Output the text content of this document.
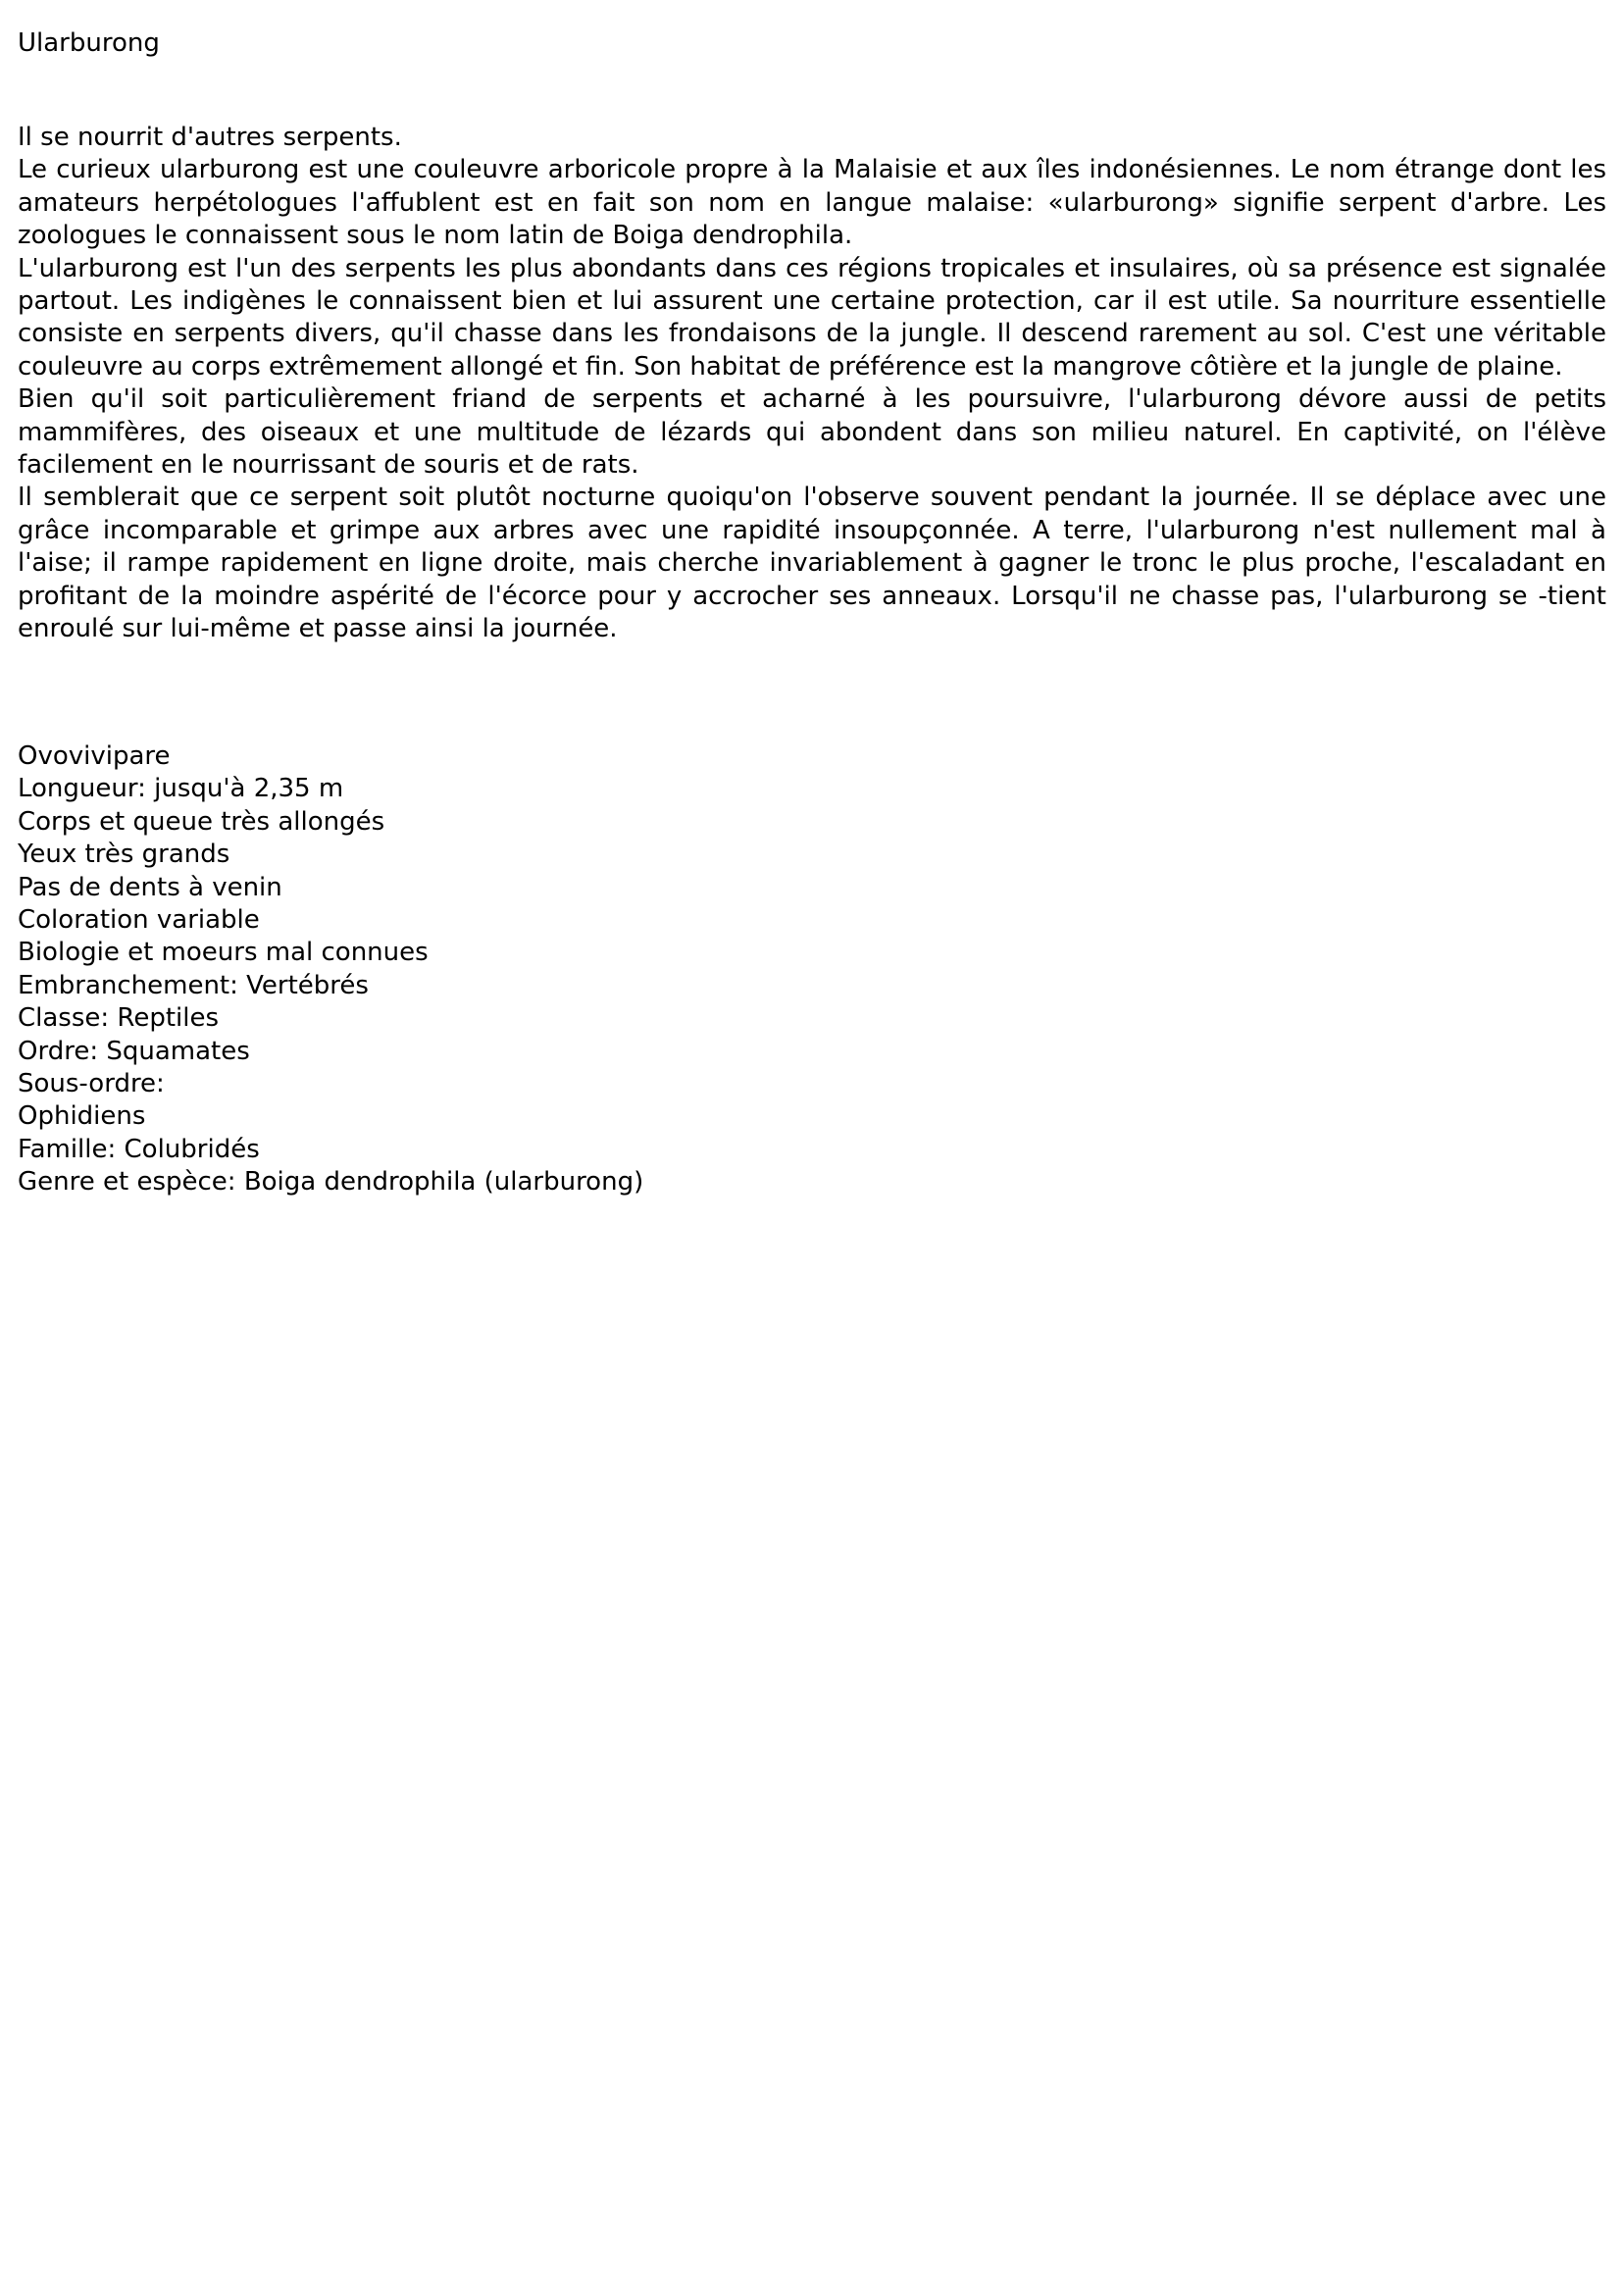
Ularburong

Il se nourrit d'autres serpents.

Le curieux ularburong est une couleuvre arboricole propre à la Malaisie et aux îles indonésiennes. Le nom étrange dont les amateurs herpétologues l'affublent est en fait son nom en langue malaise: «ularburong» signifie serpent d'arbre. Les zoologues le connaissent sous le nom latin de Boiga dendrophila.

L'ularburong est l'un des serpents les plus abondants dans ces régions tropicales et insulaires, où sa présence est signalée partout. Les indigènes le connaissent bien et lui assurent une certaine protection, car il est utile. Sa nourriture essentielle consiste en serpents divers, qu'il chasse dans les frondaisons de la jungle. Il descend rarement au sol. C'est une véritable couleuvre au corps extrêmement allongé et fin. Son habitat de préférence est la mangrove côtière et la jungle de plaine.

Bien qu'il soit particulièrement friand de serpents et acharné à les poursuivre, l'ularburong dévore aussi de petits mammifères, des oiseaux et une multitude de lézards qui abondent dans son milieu naturel. En captivité, on l'élève facilement en le nourrissant de souris et de rats.

Il semblerait que ce serpent soit plutôt nocturne quoiqu'on l'observe souvent pendant la journée. Il se déplace avec une grâce incomparable et grimpe aux arbres avec une rapidité insoupçonnée. A terre, l'ularburong n'est nullement mal à l'aise; il rampe rapidement en ligne droite, mais cherche invariablement à gagner le tronc le plus proche, l'escaladant en profitant de la moindre aspérité de l'écorce pour y accrocher ses anneaux. Lorsqu'il ne chasse pas, l'ularburong se -tient enroulé sur lui-même et passe ainsi la journée.

Ovovivipare
Longueur: jusqu'à 2,35 m
Corps et queue très allongés
Yeux très grands
Pas de dents à venin
Coloration variable
Biologie et moeurs mal connues
Embranchement: Vertébrés
Classe: Reptiles
Ordre: Squamates
Sous-ordre:
Ophidiens
Famille: Colubridés
Genre et espèce: Boiga dendrophila (ularburong)
